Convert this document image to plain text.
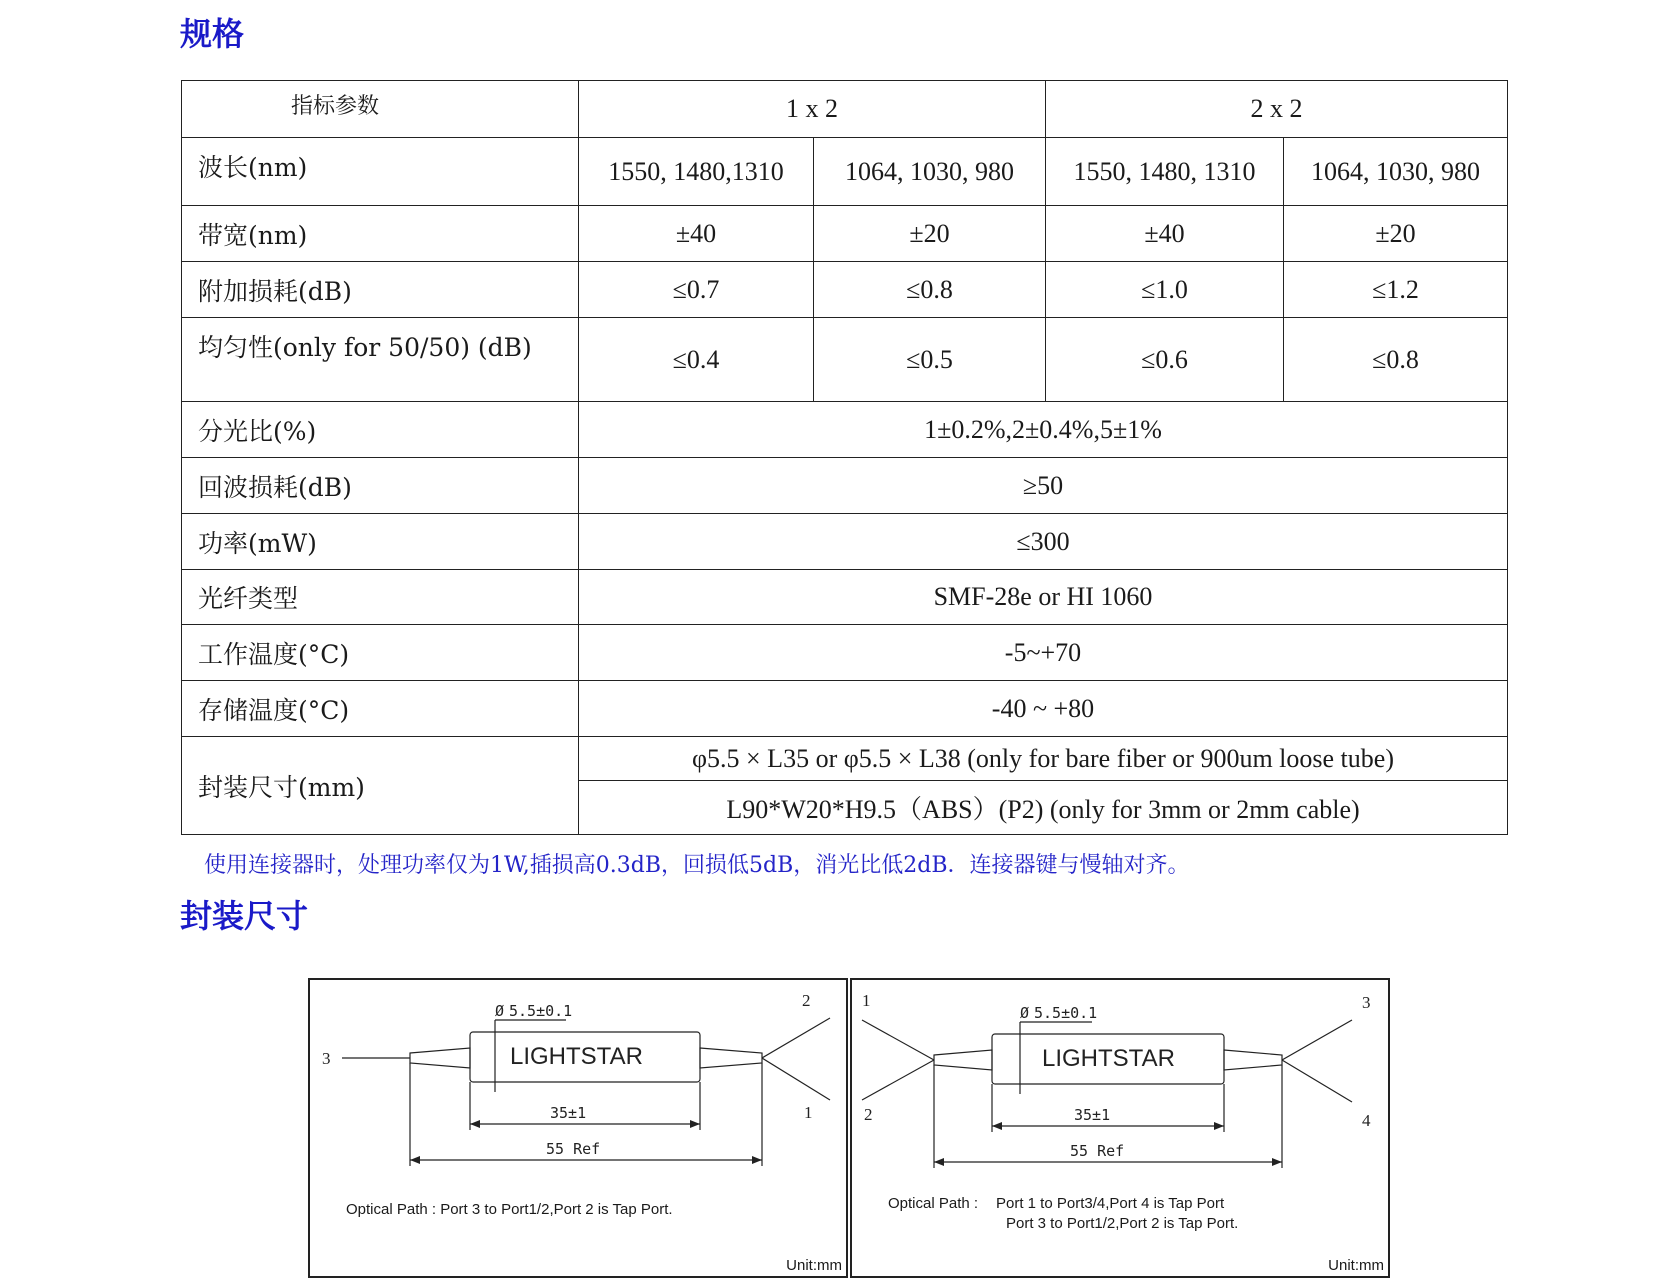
规格
指标参数	1 x 2		2 x 2	
波长(nm)	1550, 1480,1310	1064, 1030, 980	1550, 1480, 1310	1064, 1030, 980
带宽(nm)	±40	±20	±40	±20
附加损耗(dB)	≤0.7	≤0.8	≤1.0	≤1.2
均匀性(only for 50/50) (dB)	≤0.4	≤0.5	≤0.6	≤0.8
分光比(%)	1±0.2%,2±0.4%,5±1%			
回波损耗(dB)	≥50			
功率(mW)	≤300			
光纤类型	SMF-28e or HI 1060			
工作温度(°C)	-5~+70			
存储温度(°C)	-40 ~ +80			
封装尺寸(mm)	φ5.5 × L35 or φ5.5 × L38 (only for bare fiber or 900um loose tube)			
	L90*W20*H9.5（ABS）(P2) (only for 3mm or 2mm cable)			

使用连接器时，处理功率仅为1W,插损高0.3dB，回损低5dB，消光比低2dB．连接器键与慢轴对齐。

封装尺寸
LIGHTSTAR
Ø 5.5±0.1
35±1
55 Ref
3
2
1
Optical Path : Port 3 to Port1/2,Port 2 is Tap Port.
Unit:mm
LIGHTSTAR
Ø 5.5±0.1
35±1
55 Ref
1
2
3
4
Optical Path : Port 1 to Port3/4,Port 4 is Tap Port
Port 3 to Port1/2,Port 2 is Tap Port.
Unit:mm
